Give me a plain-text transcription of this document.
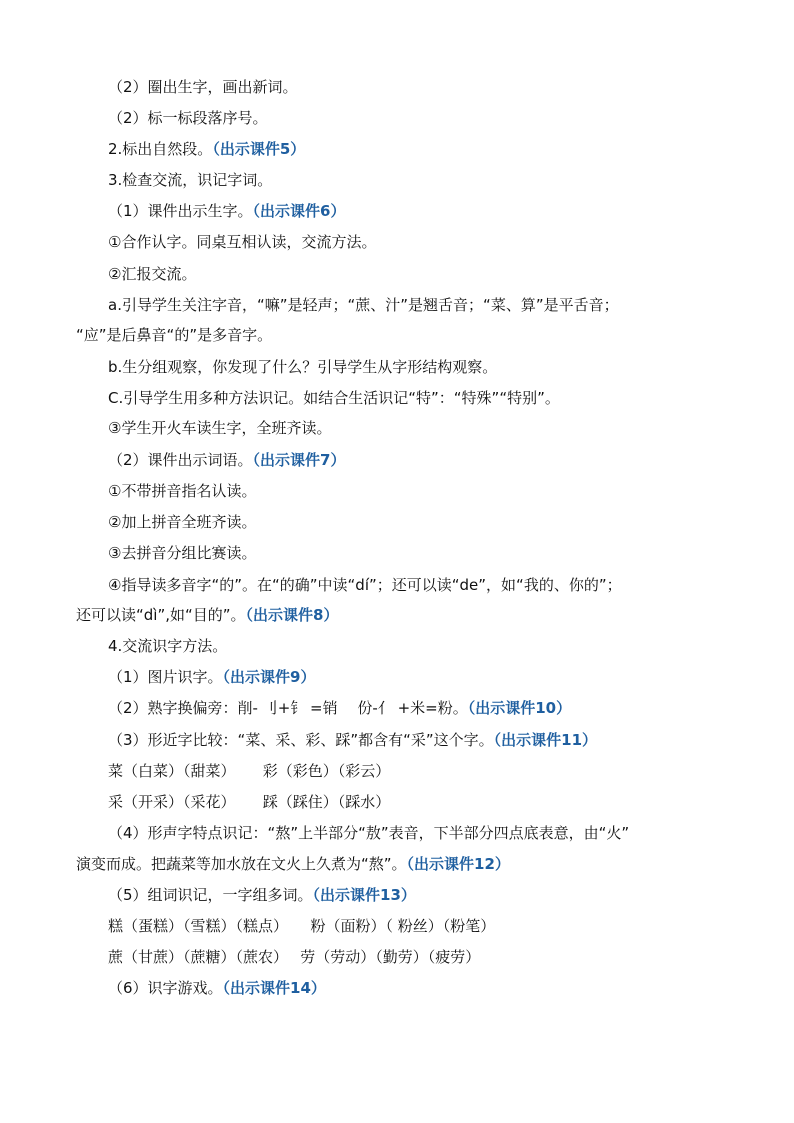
（2）圈出生字，画出新词。
（2）标一标段落序号。
2.标出自然段。（出示课件5）
3.检查交流，识记字词。
（1）课件出示生字。（出示课件6）
①合作认字。同桌互相认读，交流方法。
②汇报交流。
a.引导学生关注字音，“嘛”是轻声；“蔗、汁”是翘舌音；“菜、算”是平舌音；
“应”是后鼻音“的”是多音字。
b.生分组观察，你发现了什么？引导学生从字形结构观察。
C.引导学生用多种方法识记。如结合生活识记“特”：“特殊”“特别”。
③学生开火车读生字，全班齐读。
（2）课件出示词语。（出示课件7）
①不带拼音指名认读。
②加上拼音全班齐读。
③去拼音分组比赛读。
④指导读多音字“的”。在“的确”中读“dí”；还可以读“de”，如“我的、你的”；
还可以读“dì”,如“目的”。（出示课件8）
4.交流识字方法。
（1）图片识字。（出示课件9）
（2）熟字换偏旁：削- 刂+钅 =销　 份-亻 +米=粉。（出示课件10）
（3）形近字比较：“菜、采、彩、踩”都含有“采”这个字。（出示课件11）
菜（白菜）（甜菜）　　 彩（彩色）（彩云）
采（开采）（采花）　　 踩（踩住）（踩水）
（4）形声字特点识记：“熬”上半部分“敖”表音，下半部分四点底表意，由“火”
演变而成。把蔬菜等加水放在文火上久煮为“熬”。（出示课件12）
（5）组词识记，一字组多词。（出示课件13）
糕（蛋糕）（雪糕）（糕点）　　粉（面粉）（ 粉丝）（粉笔）
蔗（甘蔗）（蔗糖）（蔗农）　 劳（劳动）（勤劳）（疲劳）
（6）识字游戏。（出示课件14）
